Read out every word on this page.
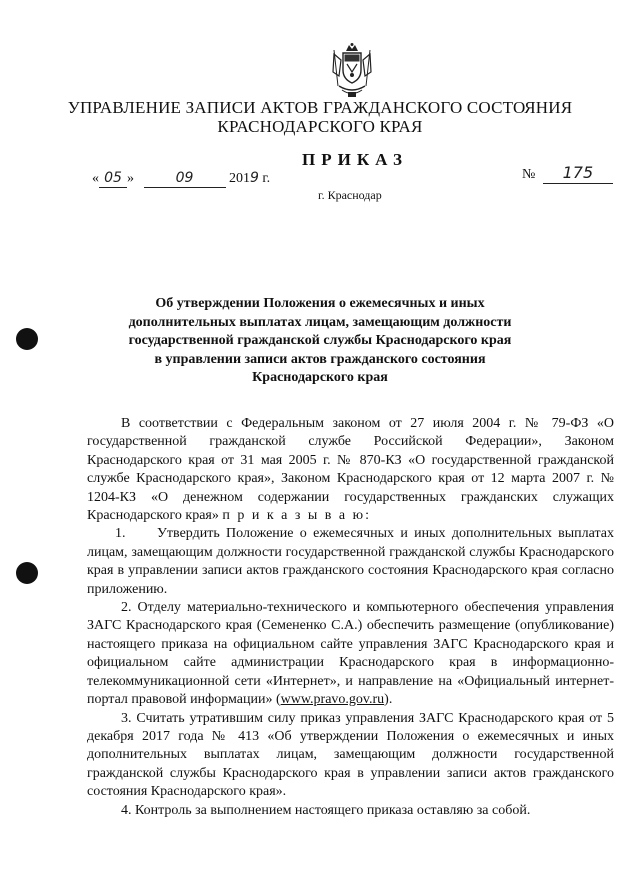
УПРАВЛЕНИЕ ЗАПИСИ АКТОВ ГРАЖДАНСКОГО СОСТОЯНИЯ
КРАСНОДАРСКОГО КРАЯ
ПРИКАЗ
« 05 »	09	2019 г.	№ 175
г. Краснодар
Об утверждении Положения о ежемесячных и иных
дополнительных выплатах лицам, замещающим должности
государственной гражданской службы Краснодарского края
в управлении записи актов гражданского состояния
Краснодарского края

В соответствии с Федеральным законом от 27 июля 2004 г. № 79-ФЗ «О государственной гражданской службе Российской Федерации», Законом Краснодарского края от 31 мая 2005 г. № 870-КЗ «О государственной гражданской службе Краснодарского края», Законом Краснодарского края от 12 марта 2007 г. № 1204-КЗ «О денежном содержании государственных гражданских служащих Краснодарского края» п р и к а з ы в а ю:

1.     Утвердить Положение о ежемесячных и иных дополнительных выплатах лицам, замещающим должности государственной гражданской службы Краснодарского края в управлении записи актов гражданского состояния Краснодарского края согласно приложению.

2. Отделу материально-технического и компьютерного обеспечения управления ЗАГС Краснодарского края (Семененко С.А.) обеспечить размещение (опубликование) настоящего приказа на официальном сайте управления ЗАГС Краснодарского края и официальном сайте администрации Краснодарского края в информационно-телекоммуникационной сети «Интернет», и направление на «Официальный интернет-портал правовой информации» (www.pravo.gov.ru).

3. Считать утратившим силу приказ управления ЗАГС Краснодарского края от 5 декабря 2017 года № 413 «Об утверждении Положения о ежемесячных и иных дополнительных выплатах лицам, замещающим должности государственной гражданской службы Краснодарского края в управлении записи актов гражданского состояния Краснодарского края».

4. Контроль за выполнением настоящего приказа оставляю за собой.
